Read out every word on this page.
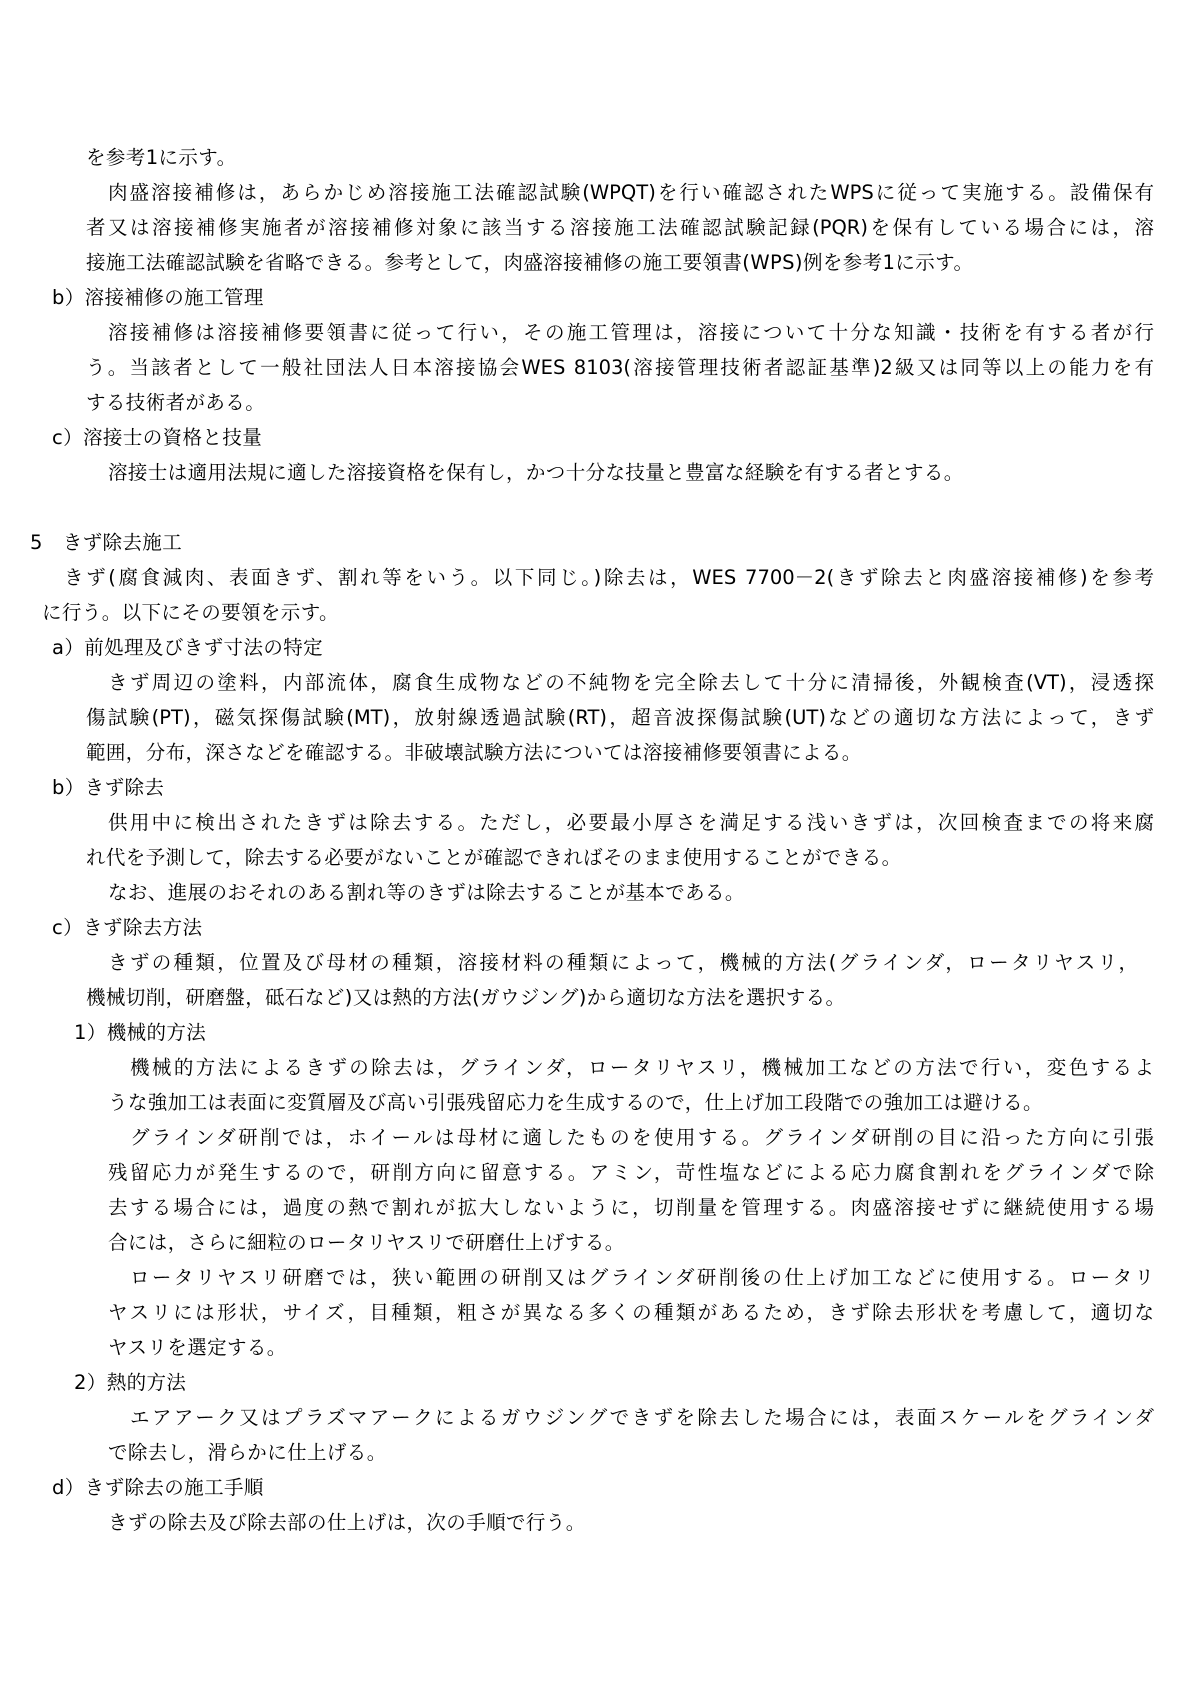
を参考1に示す。
肉盛溶接補修は，あらかじめ溶接施工法確認試験(WPQT)を行い確認されたWPSに従って実施する。設備保有
者又は溶接補修実施者が溶接補修対象に該当する溶接施工法確認試験記録(PQR)を保有している場合には，溶
接施工法確認試験を省略できる。参考として，肉盛溶接補修の施工要領書(WPS)例を参考1に示す。
b）溶接補修の施工管理
溶接補修は溶接補修要領書に従って行い，その施工管理は，溶接について十分な知識・技術を有する者が行
う。当該者として一般社団法人日本溶接協会WES 8103(溶接管理技術者認証基準)2級又は同等以上の能力を有
する技術者がある。
c）溶接士の資格と技量
溶接士は適用法規に適した溶接資格を保有し，かつ十分な技量と豊富な経験を有する者とする。
5　きず除去施工
きず(腐食減肉、表面きず、割れ等をいう。以下同じ。)除去は，WES 7700－2(きず除去と肉盛溶接補修)を参考
に行う。以下にその要領を示す。
a）前処理及びきず寸法の特定
きず周辺の塗料，内部流体，腐食生成物などの不純物を完全除去して十分に清掃後，外観検査(VT)，浸透探
傷試験(PT)，磁気探傷試験(MT)，放射線透過試験(RT)，超音波探傷試験(UT)などの適切な方法によって，きず
範囲，分布，深さなどを確認する。非破壊試験方法については溶接補修要領書による。
b）きず除去
供用中に検出されたきずは除去する。ただし，必要最小厚さを満足する浅いきずは，次回検査までの将来腐
れ代を予測して，除去する必要がないことが確認できればそのまま使用することができる。
なお、進展のおそれのある割れ等のきずは除去することが基本である。
c）きず除去方法
きずの種類，位置及び母材の種類，溶接材料の種類によって，機械的方法(グラインダ，ロータリヤスリ，
機械切削，研磨盤，砥石など)又は熱的方法(ガウジング)から適切な方法を選択する。
1）機械的方法
機械的方法によるきずの除去は，グラインダ，ロータリヤスリ，機械加工などの方法で行い，変色するよ
うな強加工は表面に変質層及び高い引張残留応力を生成するので，仕上げ加工段階での強加工は避ける。
グラインダ研削では，ホイールは母材に適したものを使用する。グラインダ研削の目に沿った方向に引張
残留応力が発生するので，研削方向に留意する。アミン，苛性塩などによる応力腐食割れをグラインダで除
去する場合には，過度の熱で割れが拡大しないように，切削量を管理する。肉盛溶接せずに継続使用する場
合には，さらに細粒のロータリヤスリで研磨仕上げする。
ロータリヤスリ研磨では，狭い範囲の研削又はグラインダ研削後の仕上げ加工などに使用する。ロータリ
ヤスリには形状，サイズ，目種類，粗さが異なる多くの種類があるため，きず除去形状を考慮して，適切な
ヤスリを選定する。
2）熱的方法
エアアーク又はプラズマアークによるガウジングできずを除去した場合には，表面スケールをグラインダ
で除去し，滑らかに仕上げる。
d）きず除去の施工手順
きずの除去及び除去部の仕上げは，次の手順で行う。
